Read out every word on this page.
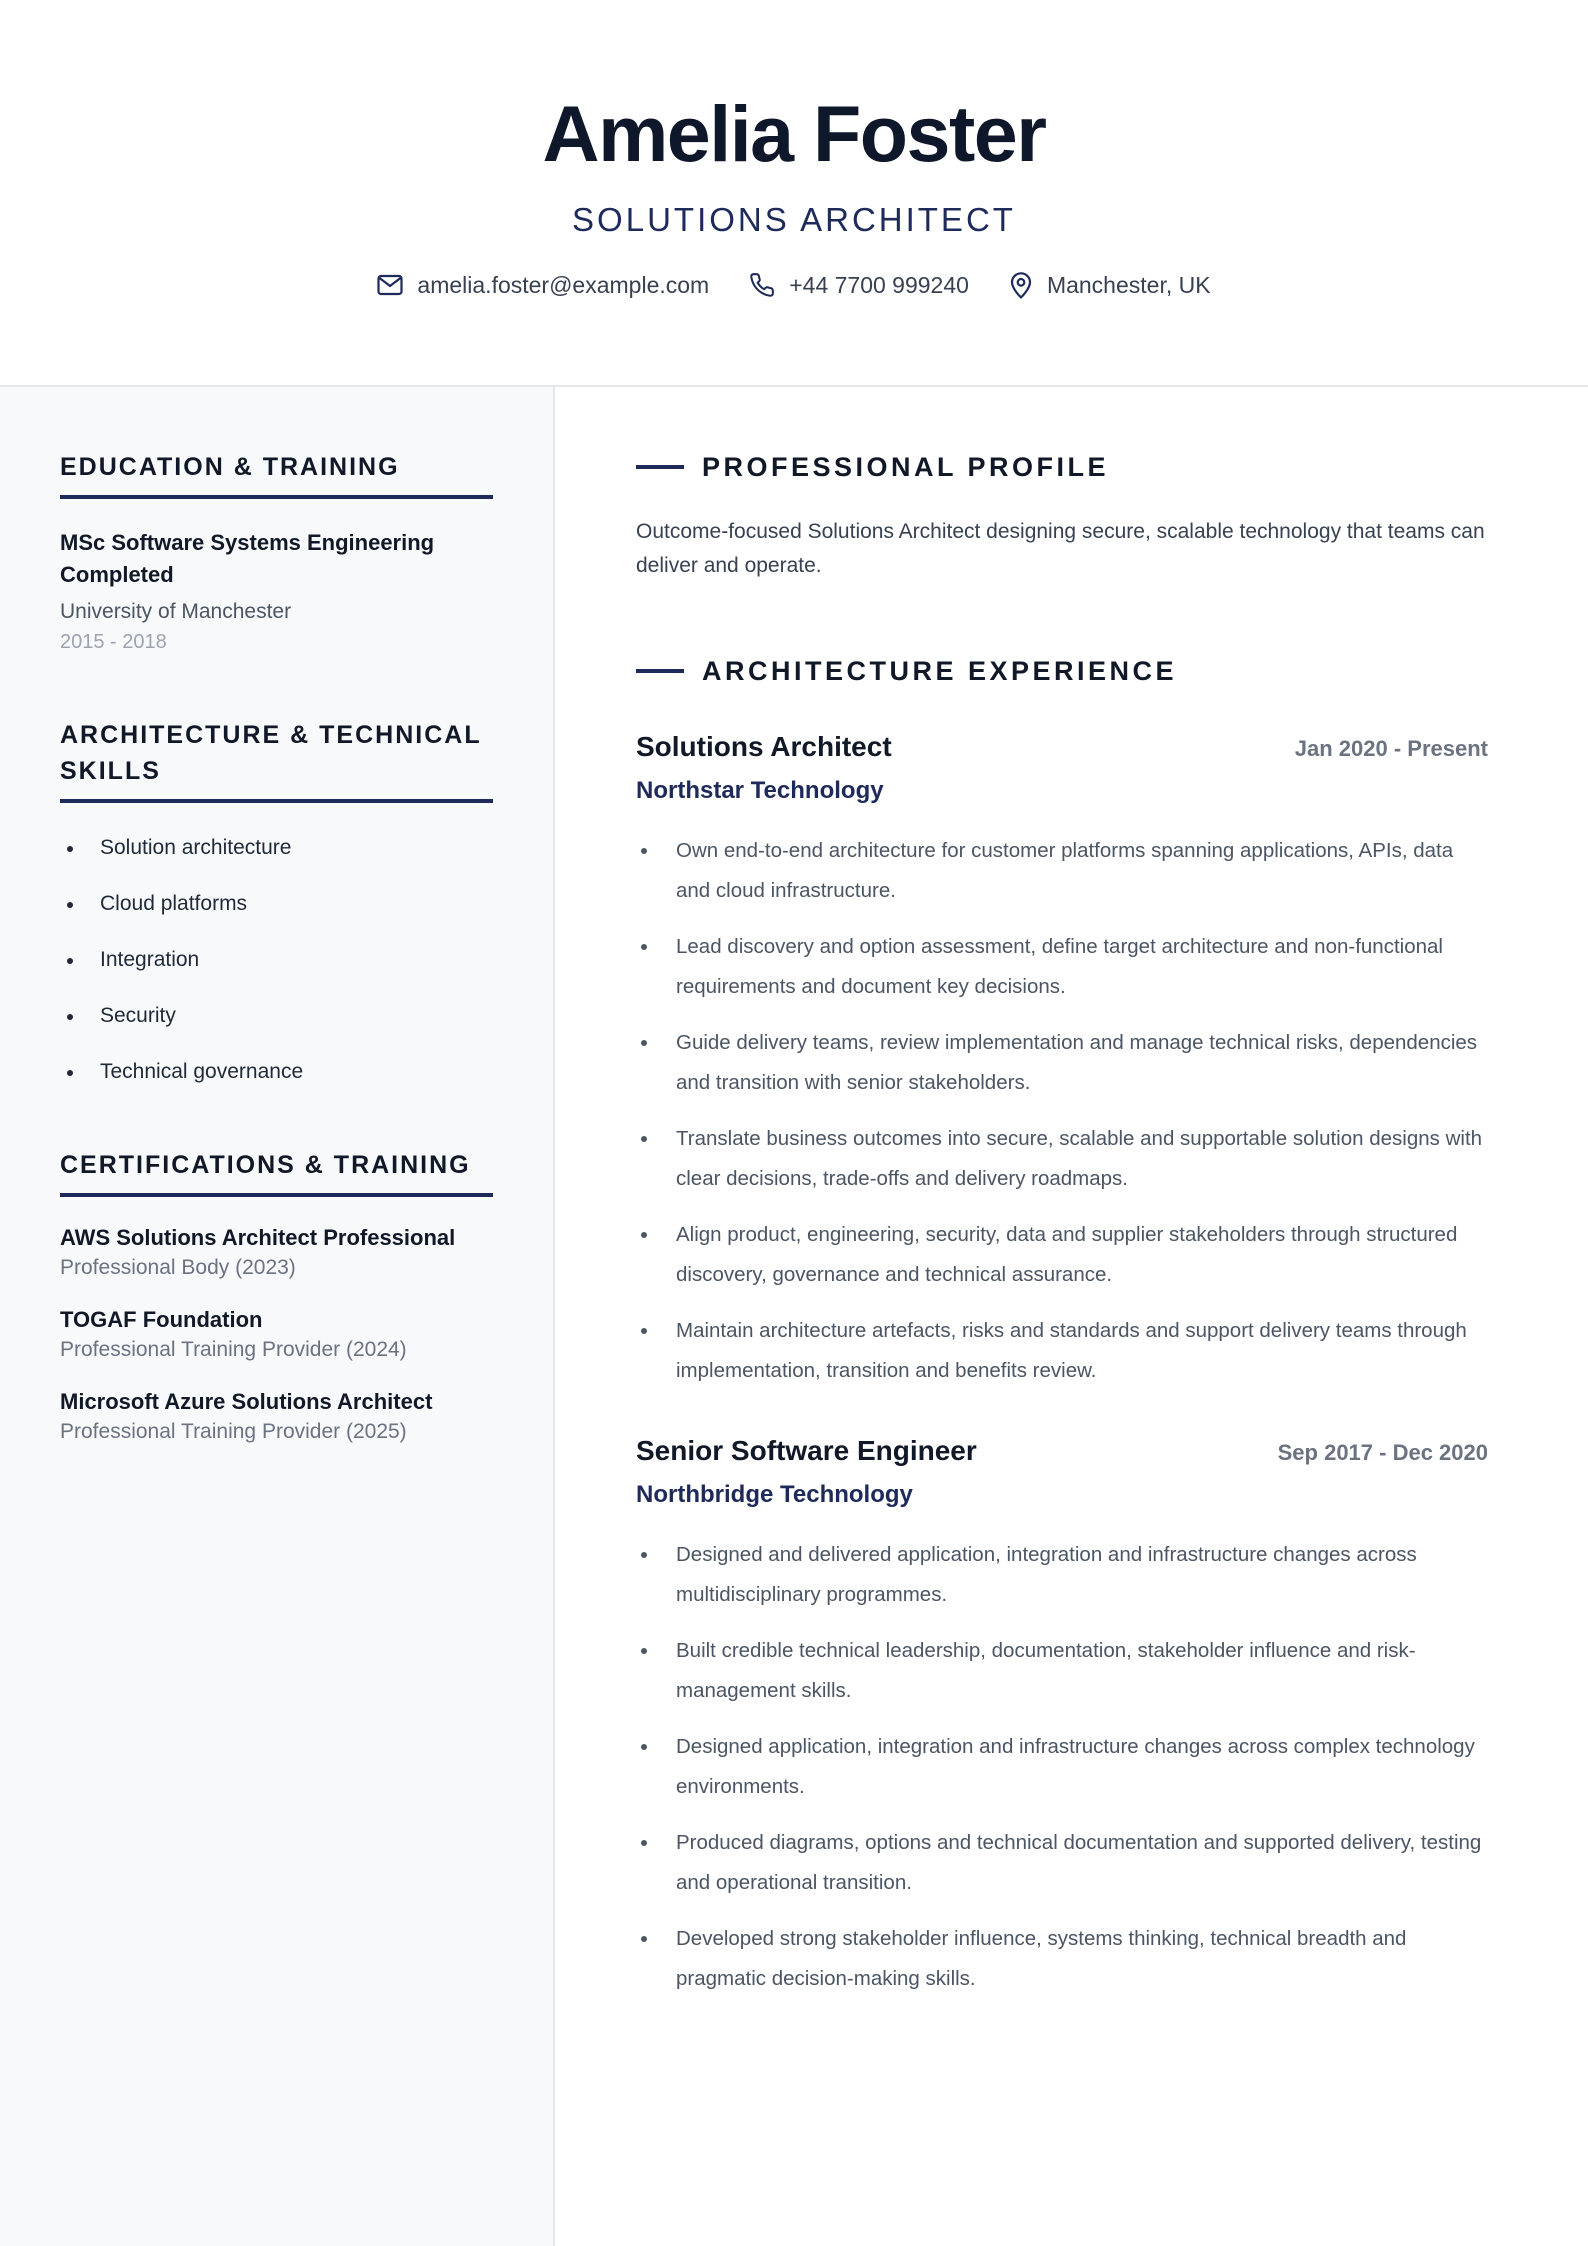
Amelia Foster
SOLUTIONS ARCHITECT
amelia.foster@example.com	+44 7700 999240	Manchester, UK
EDUCATION & TRAINING
MSc Software Systems Engineering Completed
University of Manchester
2015 - 2018
ARCHITECTURE & TECHNICAL SKILLS
Solution architecture
Cloud platforms
Integration
Security
Technical governance
CERTIFICATIONS & TRAINING
AWS Solutions Architect Professional
Professional Body (2023)
TOGAF Foundation
Professional Training Provider (2024)
Microsoft Azure Solutions Architect
Professional Training Provider (2025)
PROFESSIONAL PROFILE

Outcome-focused Solutions Architect designing secure, scalable technology that teams can deliver and operate.

ARCHITECTURE EXPERIENCE
Solutions Architect	Jan 2020 - Present
Northstar Technology
Own end-to-end architecture for customer platforms spanning applications, APIs, data and cloud infrastructure.
Lead discovery and option assessment, define target architecture and non-functional requirements and document key decisions.
Guide delivery teams, review implementation and manage technical risks, dependencies and transition with senior stakeholders.
Translate business outcomes into secure, scalable and supportable solution designs with clear decisions, trade-offs and delivery roadmaps.
Align product, engineering, security, data and supplier stakeholders through structured discovery, governance and technical assurance.
Maintain architecture artefacts, risks and standards and support delivery teams through implementation, transition and benefits review.
Senior Software Engineer	Sep 2017 - Dec 2020
Northbridge Technology
Designed and delivered application, integration and infrastructure changes across multidisciplinary programmes.
Built credible technical leadership, documentation, stakeholder influence and risk-management skills.
Designed application, integration and infrastructure changes across complex technology environments.
Produced diagrams, options and technical documentation and supported delivery, testing and operational transition.
Developed strong stakeholder influence, systems thinking, technical breadth and pragmatic decision-making skills.
